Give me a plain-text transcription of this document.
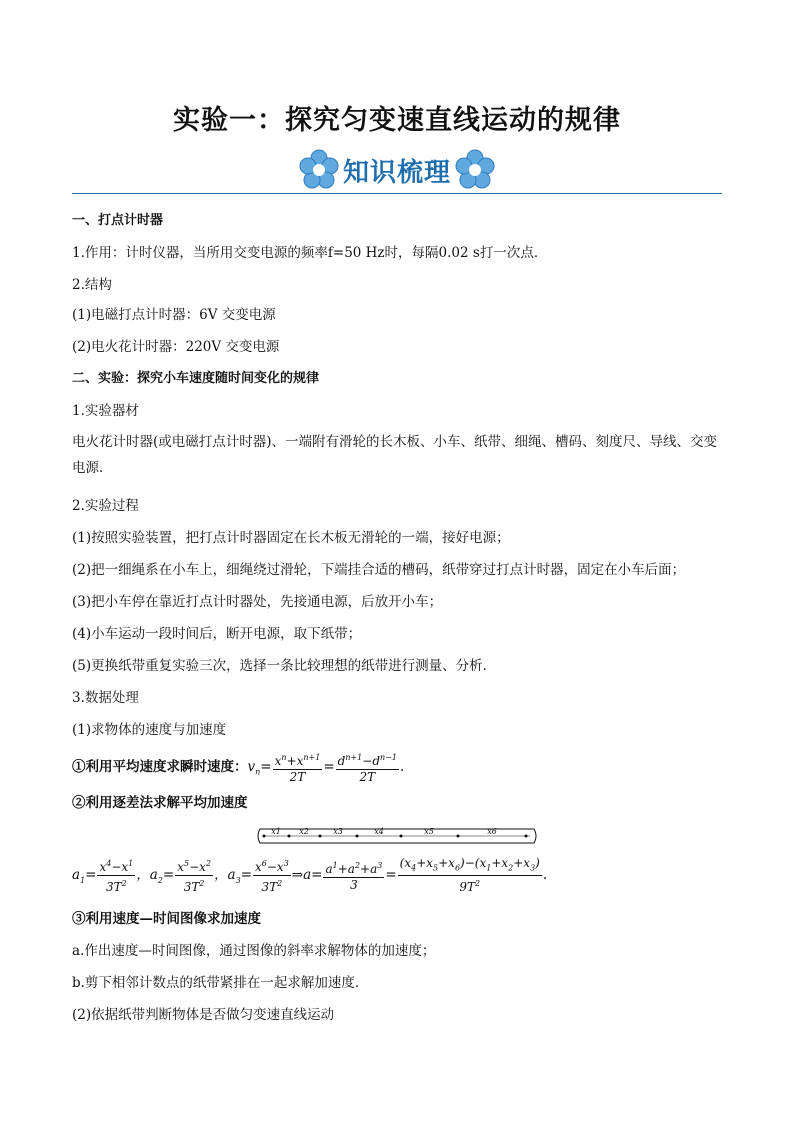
实验一：探究匀变速直线运动的规律
知识梳理
一、打点计时器
1.作用：计时仪器，当所用交变电源的频率f=50 Hz时，每隔0.02 s打一次点．
2.结构
(1)电磁打点计时器：6V 交变电源
(2)电火花计时器：220V 交变电源
二、实验：探究小车速度随时间变化的规律
1.实验器材
电火花计时器(或电磁打点计时器)、一端附有滑轮的长木板、小车、纸带、细绳、槽码、刻度尺、导线、交变电源．
2.实验过程
(1)按照实验装置，把打点计时器固定在长木板无滑轮的一端，接好电源；
(2)把一细绳系在小车上，细绳绕过滑轮，下端挂合适的槽码，纸带穿过打点计时器，固定在小车后面；
(3)把小车停在靠近打点计时器处，先接通电源，后放开小车；
(4)小车运动一段时间后，断开电源，取下纸带；
(5)更换纸带重复实验三次，选择一条比较理想的纸带进行测量、分析．
3.数据处理
(1)求物体的速度与加速度
①利用平均速度求瞬时速度：$v_n= \frac{x^n+x^{n+1}}{2T} = \frac{d^{n+1}-d^{n-1}}{2T}$ .
②利用逐差法求解平均加速度
x1 x2	x3	x4	x5	x6
$a_1= \frac{x^4-x^1}{3T^2}$ ，$a_2= \frac{x^5-x^2}{3T^2}$ ，$a_3= \frac{x^6-x^3}{3T^2}$ ⇒a= $\frac{a^1+a^2+a^3}{3} = \frac{(x_4+x_5+x_6)-(x_1+x_2+x_3)}{9T^2}$ .
③利用速度—时间图像求加速度
a.作出速度—时间图像，通过图像的斜率求解物体的加速度；
b.剪下相邻计数点的纸带紧排在一起求解加速度．
(2)依据纸带判断物体是否做匀变速直线运动
